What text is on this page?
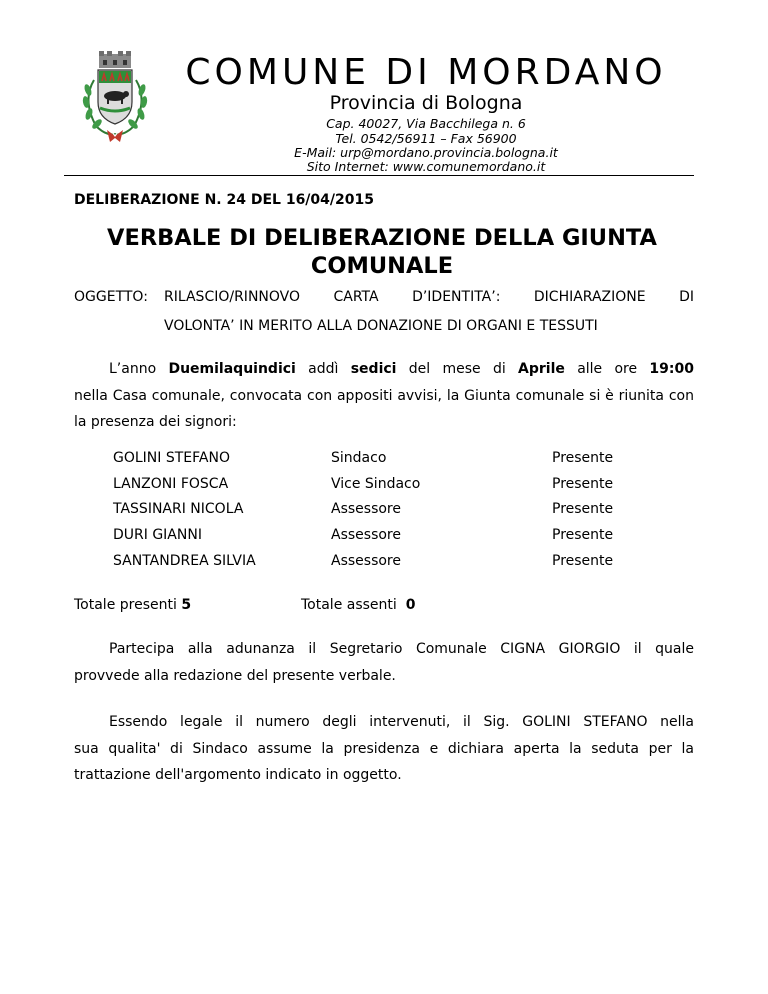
COMUNE DI MORDANO
Provincia di Bologna
Cap. 40027, Via Bacchilega n. 6
Tel. 0542/56911 – Fax 56900
E-Mail: urp@mordano.provincia.bologna.it
Sito Internet: www.comunemordano.it
DELIBERAZIONE N. 24 DEL 16/04/2015
VERBALE DI DELIBERAZIONE DELLA GIUNTA COMUNALE
OGGETTO: RILASCIO/RINNOVO CARTA D’IDENTITA’: DICHIARAZIONE DI
VOLONTA’ IN MERITO ALLA DONAZIONE DI ORGANI E TESSUTI
L’anno Duemilaquindici addì sedici del mese di Aprile alle ore 19:00
nella Casa comunale, convocata con appositi avvisi, la Giunta comunale si è riunita con la presenza dei signori:
GOLINI STEFANO	Sindaco	Presente
LANZONI FOSCA	Vice Sindaco	Presente
TASSINARI NICOLA	Assessore	Presente
DURI GIANNI	Assessore	Presente
SANTANDREA SILVIA	Assessore	Presente
Totale presenti 5	Totale assenti  0
Partecipa alla adunanza il Segretario Comunale CIGNA GIORGIO il quale
provvede alla redazione del presente verbale.
Essendo legale il numero degli intervenuti, il Sig. GOLINI STEFANO nella
sua qualita' di Sindaco assume la presidenza e dichiara aperta la seduta per la trattazione dell'argomento indicato in oggetto.
